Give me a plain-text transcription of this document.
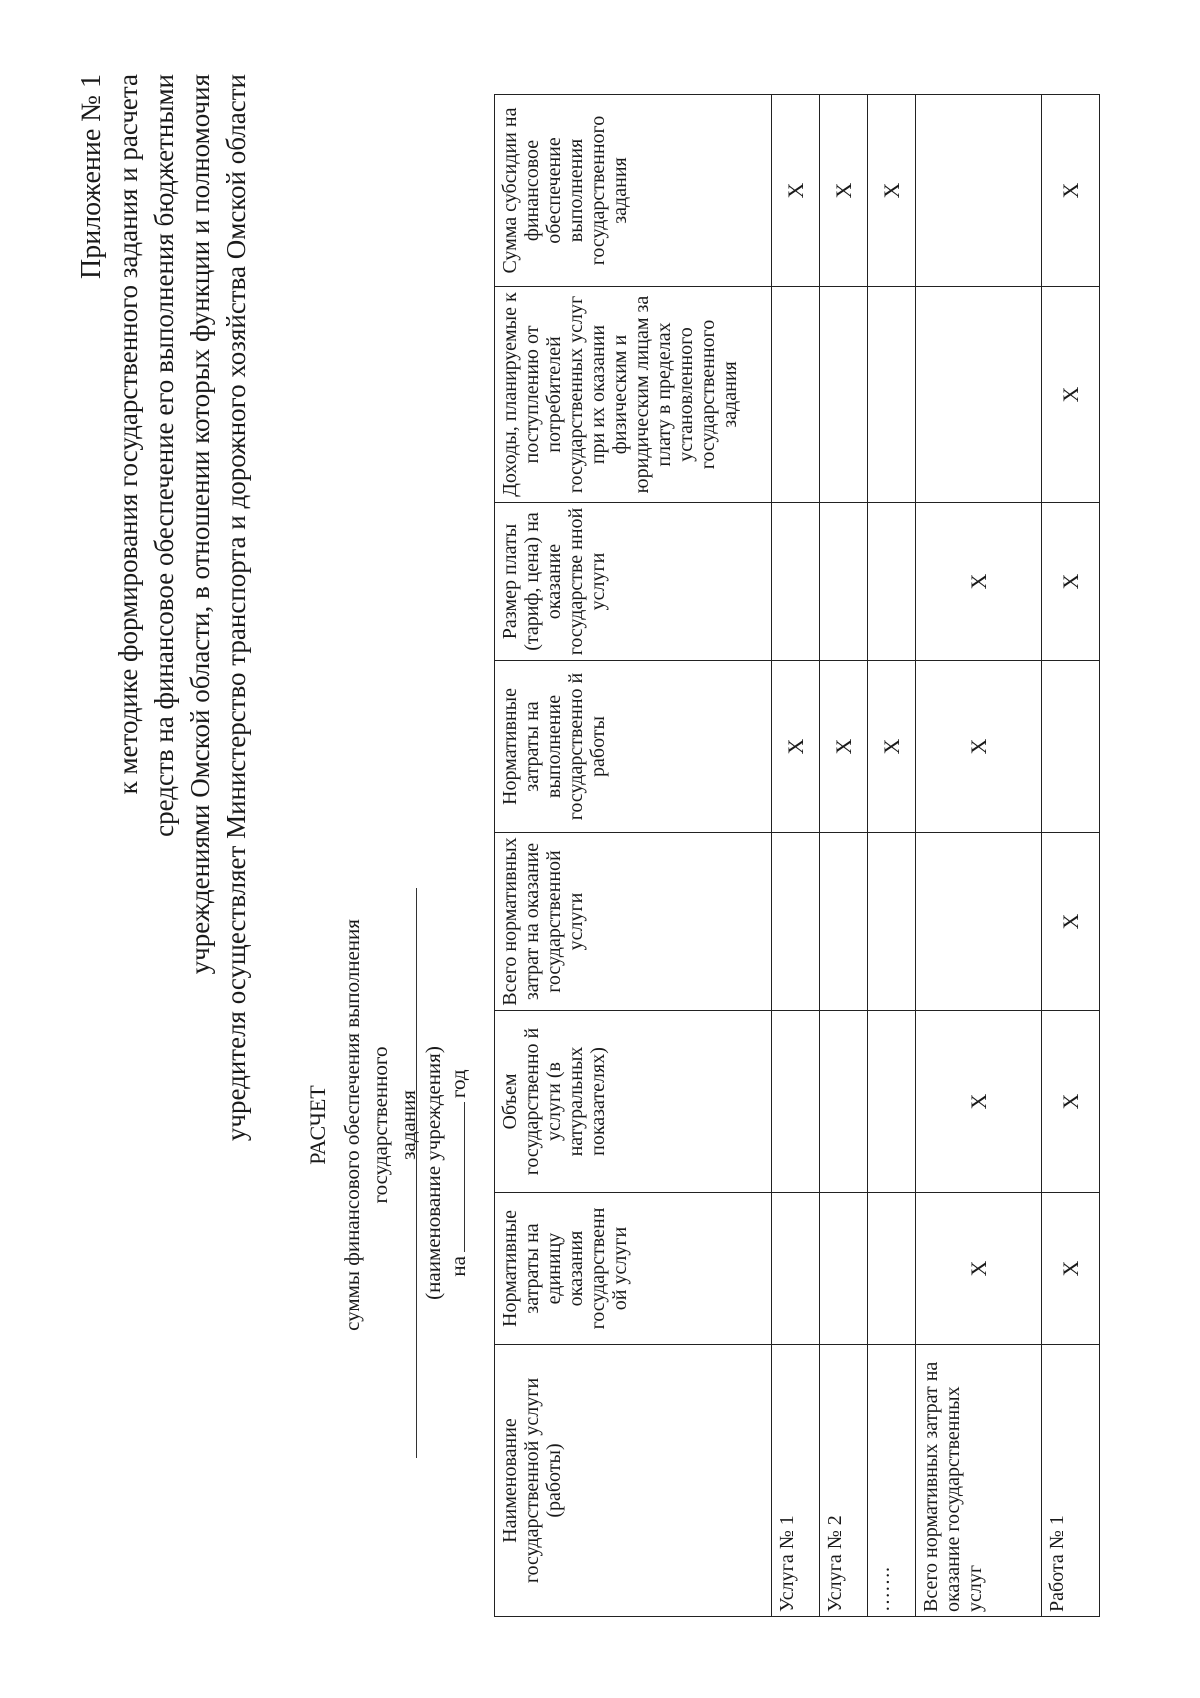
Приложение № 1 к методике формирования государственного задания и расчета средств на финансовое обеспечение его выполнения бюджетными учреждениями Омской области, в отношении которых функции и полномочия учредителя осуществляет Министерство транспорта и дорожного хозяйства Омской области РАСЧЕТ суммы финансового обеспечения выполнения государственного задания (наименование учреждения) нагод
Наименование государственной услуги (работы)	Нормативные затраты на единицу оказания государственн ой услуги	Объем государственно й услуги (в натуральных показателях)	Всего нормативных затрат на оказание государственной услуги	Нормативные затраты на выполнение государственно й работы	Размер платы (тариф, цена) на оказание государстве нной услуги	Доходы, планируемые к поступлению от потребителей государственных услуг при их оказании физическим и юридическим лицам за плату в пределах установленного государственного задания	Сумма субсидии на финансовое обеспечение выполнения государственного задания
Услуга № 1				X			X
Услуга № 2				X			X
…….				X			X
Всего нормативных затрат на оказание государственных услуг	X	X		X	X		
Работа № 1	X	X	X		X	X	X
